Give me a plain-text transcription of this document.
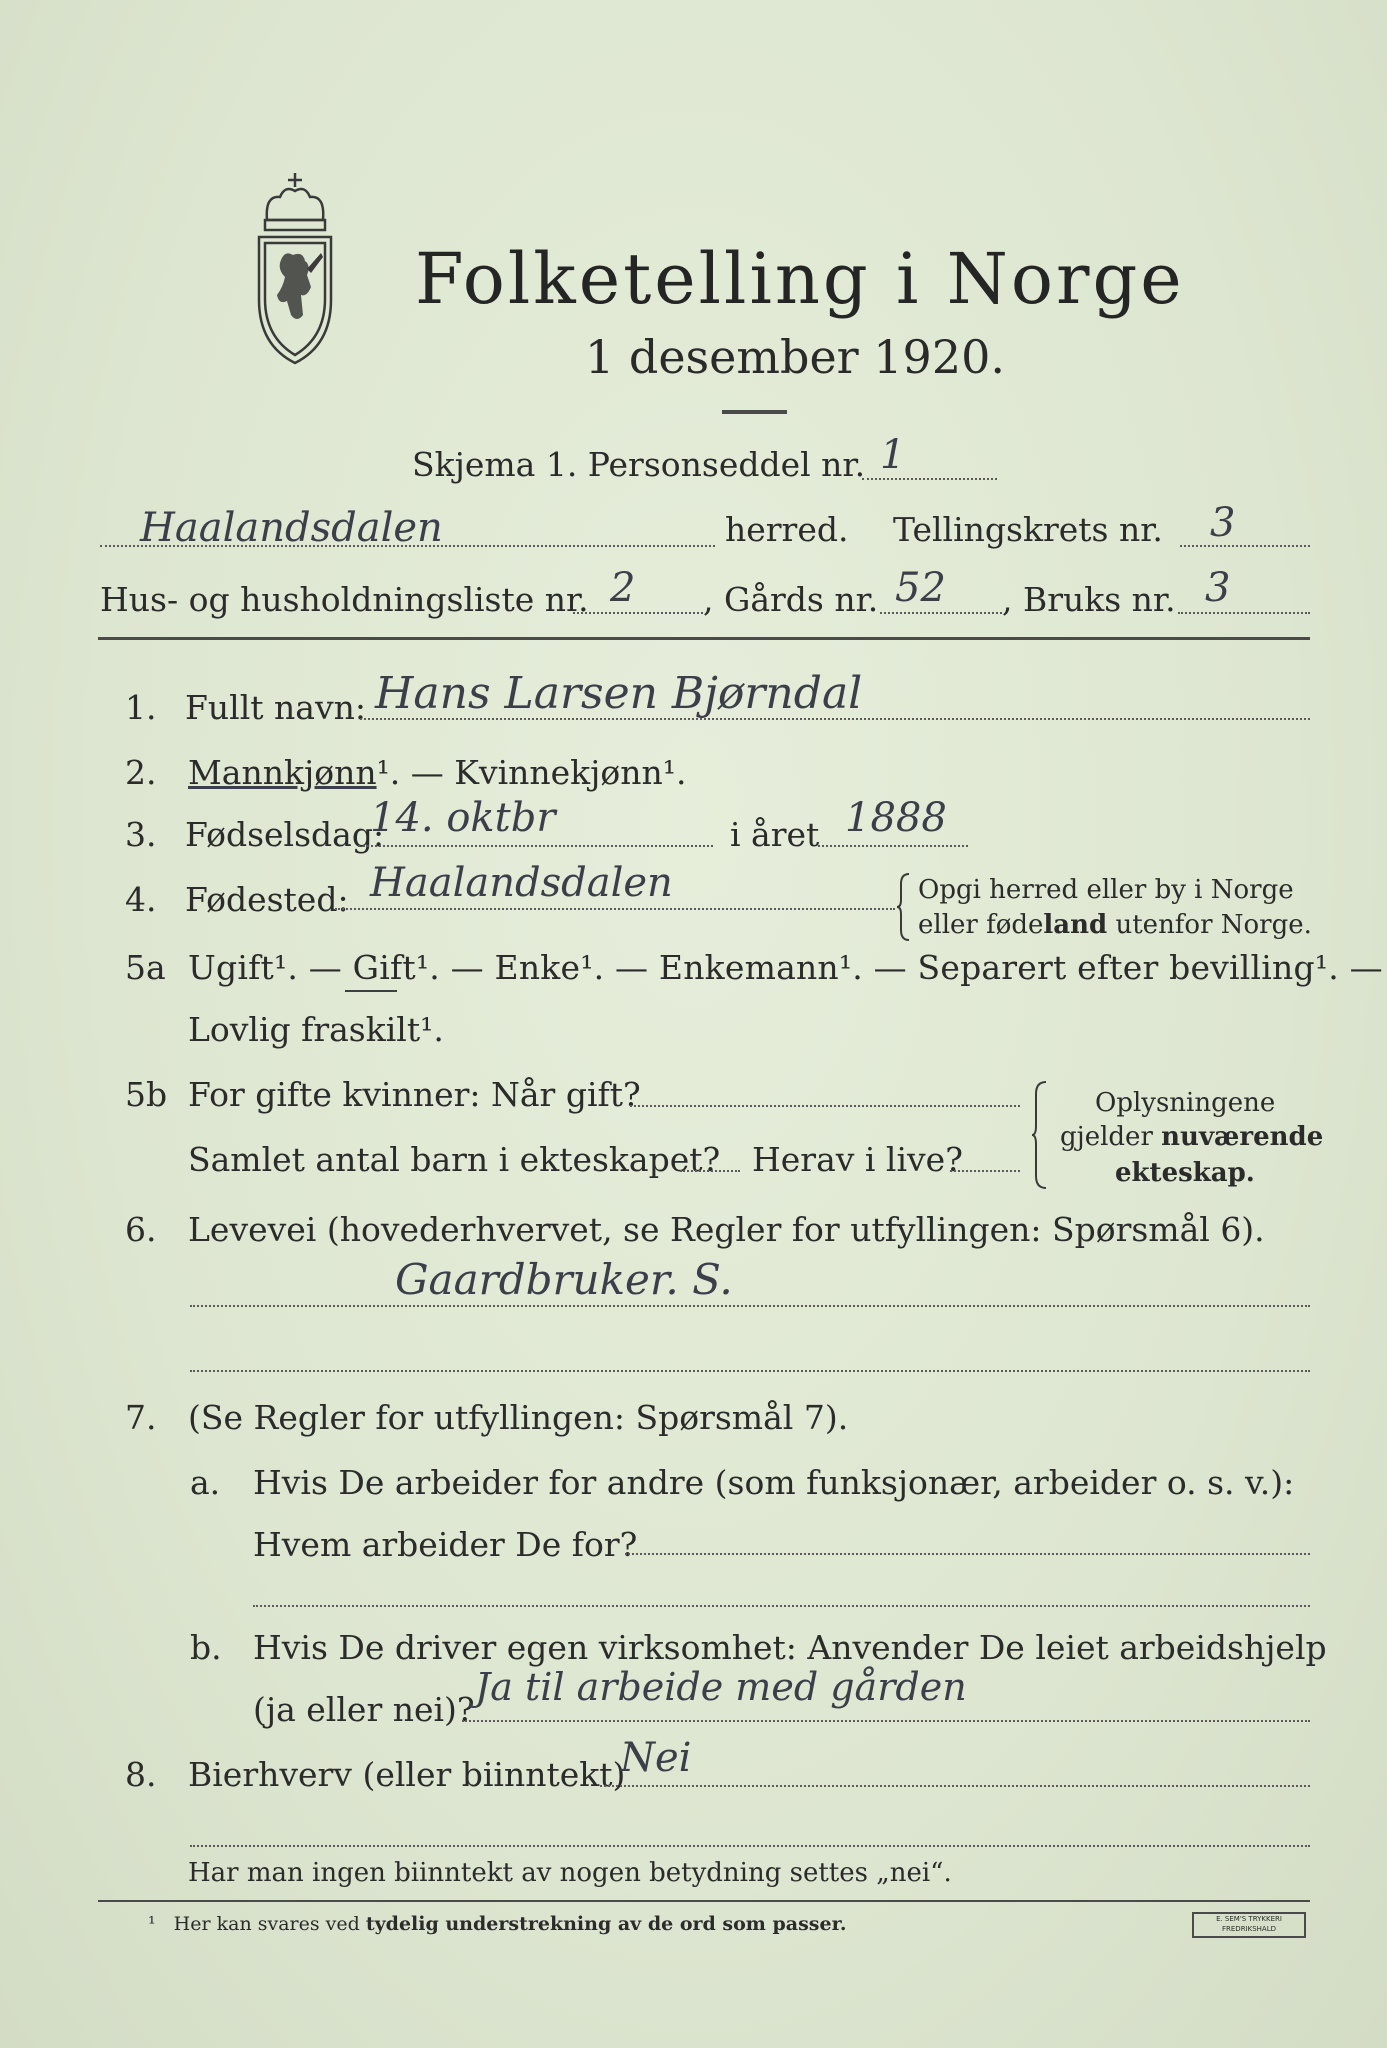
Folketelling i Norge
1 desember 1920.
Skjema 1. Personseddel nr. 1
Haalandsdalen	herred. Tellingskrets nr. 3
Hus- og husholdningsliste nr. 2 , Gårds nr. 52 , Bruks nr. 3
1. Fullt navn: Hans Larsen Bjørndal
2. Mannkjønn¹. — Kvinnekjønn¹.
3. Fødselsdag:
14. oktbr	i året 1888
4. Fødested: Haalandsdalen	Opgi herred eller by i Norge
eller fødeland utenfor Norge.
5a Ugift¹. — Gift¹. — Enke¹. — Enkemann¹. — Separert efter bevilling¹. —
Lovlig fraskilt¹.
5b For gifte kvinner: Når gift?
Samlet antal barn i ekteskapet? Herav i live?
Oplysningene
gjelder nuværende
ekteskap.
6. Levevei (hovederhvervet, se Regler for utfyllingen: Spørsmål 6).
Gaardbruker. S.
7. (Se Regler for utfyllingen: Spørsmål 7).
a. Hvis De arbeider for andre (som funksjonær, arbeider o. s. v.):
Hvem arbeider De for?
b. Hvis De driver egen virksomhet: Anvender De leiet arbeidshjelp
(ja eller nei)?
Ja til arbeide med gården
8. Bierhverv (eller biinntekt)
Nei
Har man ingen biinntekt av nogen betydning settes „nei“.
¹ Her kan svares ved tydelig understrekning av de ord som passer.	E. SEM'S TRYKKERI FREDRIKSHALD
